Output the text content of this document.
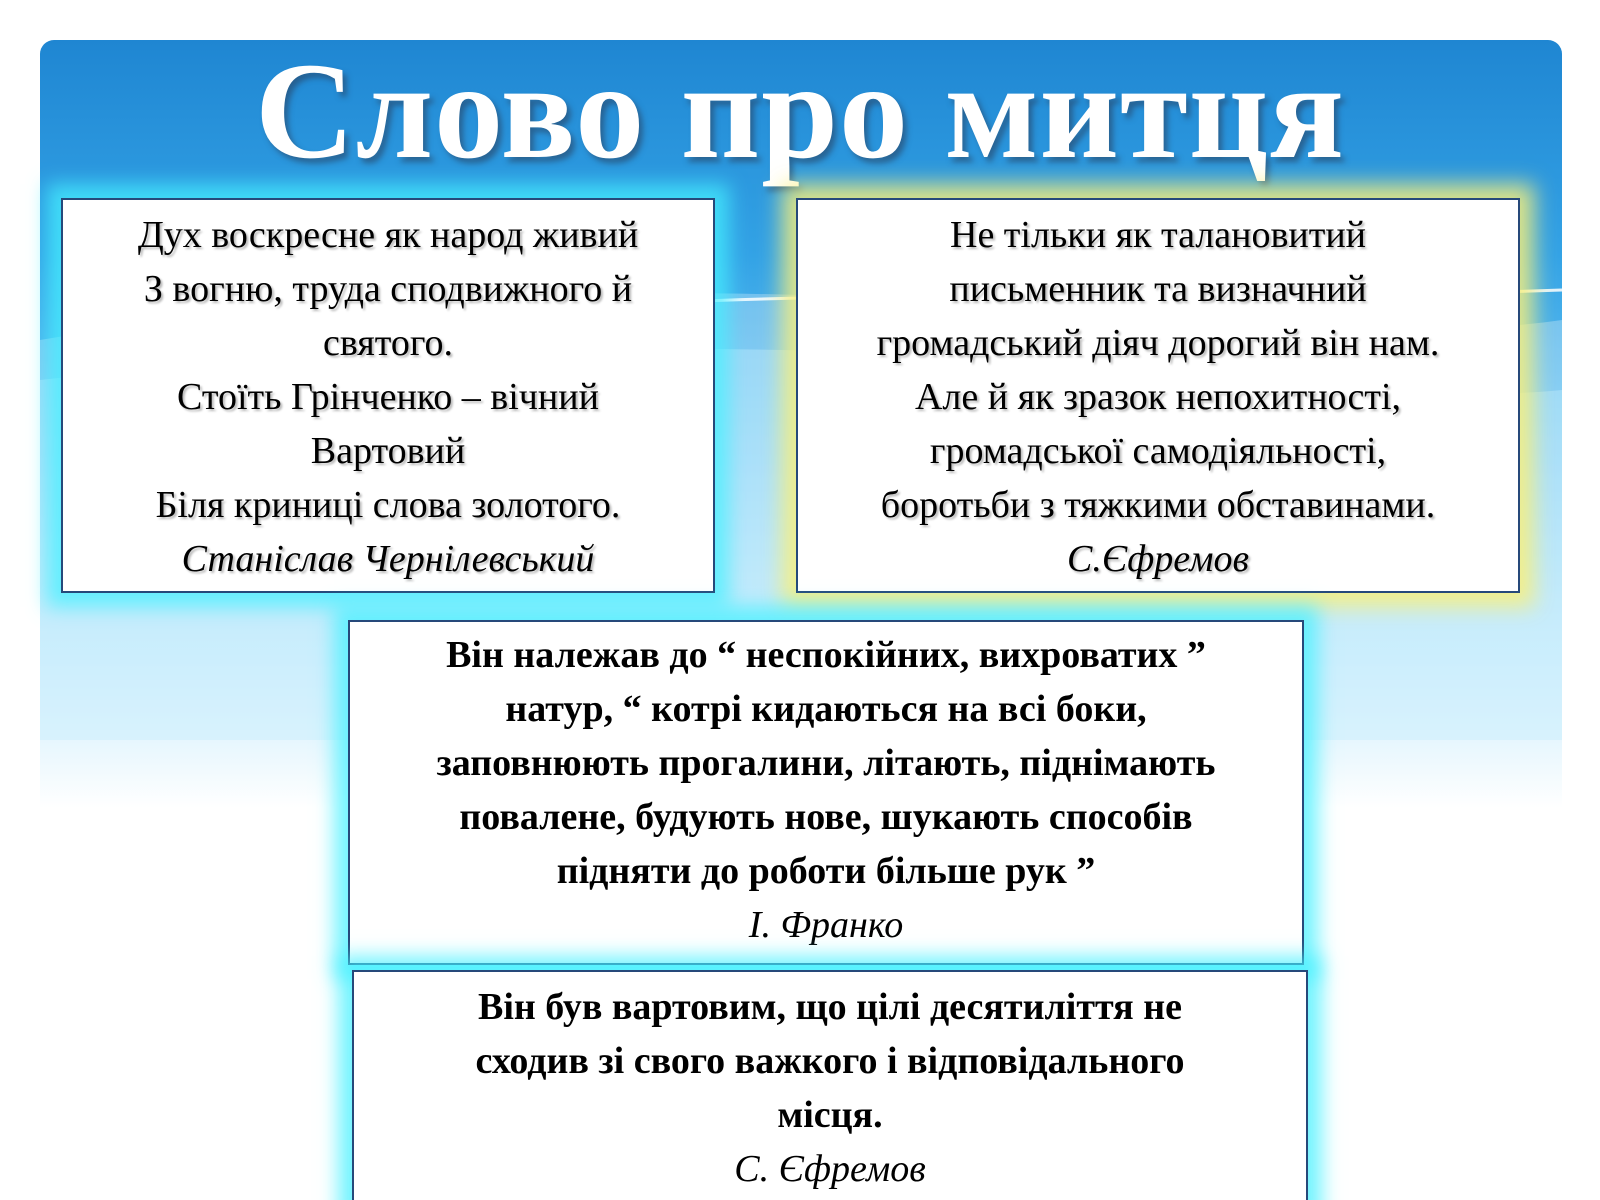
Слово про митця
Дух воскресне як народ живий
З вогню, труда сподвижного й
святого.
Стоїть Грінченко – вічний
Вартовий
Біля криниці слова золотого.
Станіслав Чернілевський
Не тільки як талановитий
письменник та визначний
громадський діяч дорогий він нам.
Але й як зразок непохитності,
громадської самодіяльності,
боротьби з тяжкими обставинами.
С.Єфремов
Він належав до “ неспокійних, вихроватих ”
натур, “ котрі кидаються на всі боки,
заповнюють прогалини, літають, піднімають
повалене, будують нове, шукають способів
підняти до роботи більше рук ”
І. Франко
Він був вартовим, що цілі десятиліття не
сходив зі свого важкого і відповідального
місця.
С. Єфремов
